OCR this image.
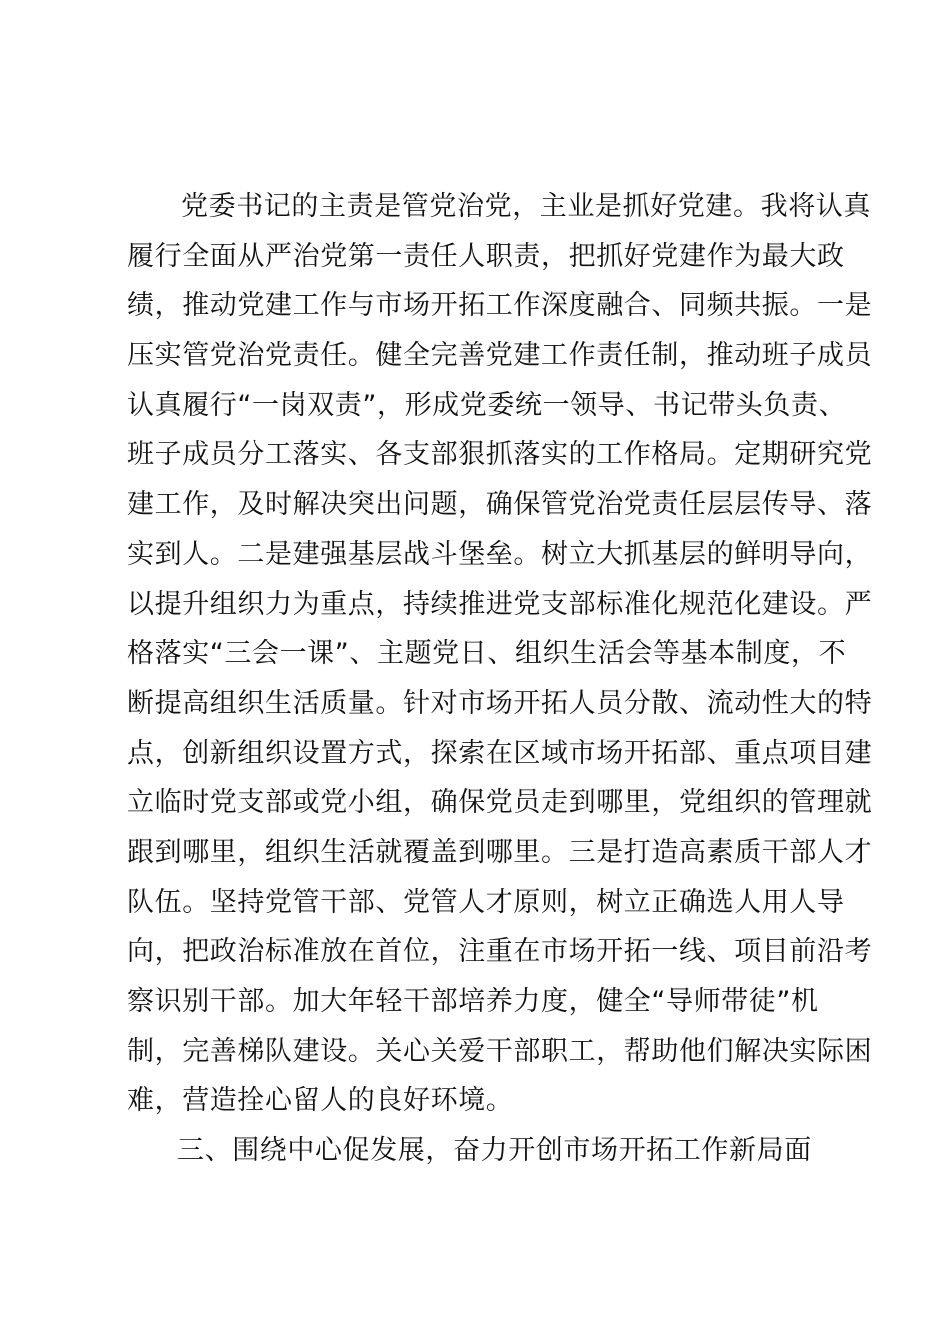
党委书记的主责是管党治党，主业是抓好党建。我将认真
履行全面从严治党第一责任人职责，把抓好党建作为最大政
绩，推动党建工作与市场开拓工作深度融合、同频共振。一是
压实管党治党责任。健全完善党建工作责任制，推动班子成员
认真履行“一岗双责”，形成党委统一领导、书记带头负责、
班子成员分工落实、各支部狠抓落实的工作格局。定期研究党
建工作，及时解决突出问题，确保管党治党责任层层传导、落
实到人。二是建强基层战斗堡垒。树立大抓基层的鲜明导向，
以提升组织力为重点，持续推进党支部标准化规范化建设。严
格落实“三会一课”、主题党日、组织生活会等基本制度，不
断提高组织生活质量。针对市场开拓人员分散、流动性大的特
点，创新组织设置方式，探索在区域市场开拓部、重点项目建
立临时党支部或党小组，确保党员走到哪里，党组织的管理就
跟到哪里，组织生活就覆盖到哪里。三是打造高素质干部人才
队伍。坚持党管干部、党管人才原则，树立正确选人用人导
向，把政治标准放在首位，注重在市场开拓一线、项目前沿考
察识别干部。加大年轻干部培养力度，健全“导师带徒”机
制，完善梯队建设。关心关爱干部职工，帮助他们解决实际困
难，营造拴心留人的良好环境。
三、围绕中心促发展，奋力开创市场开拓工作新局面
